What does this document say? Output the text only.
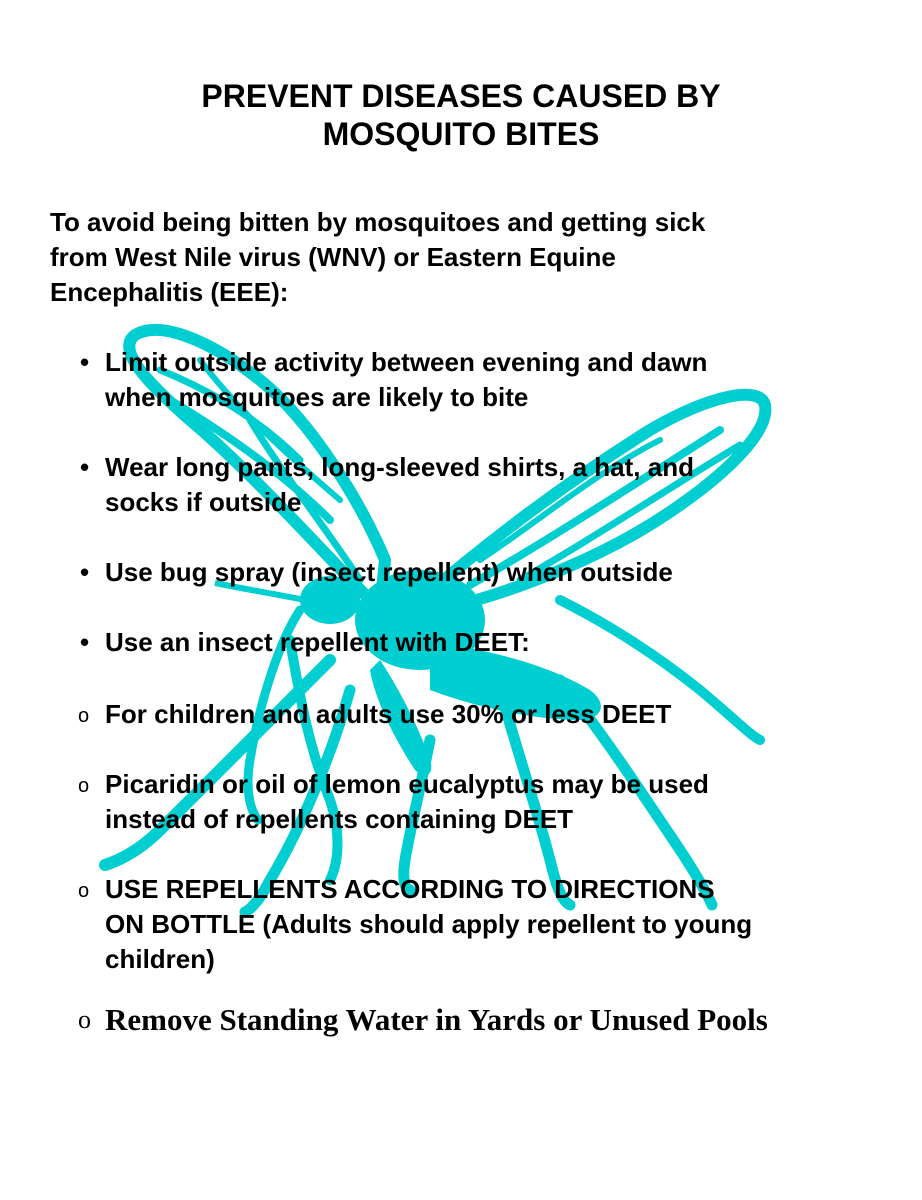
PREVENT DISEASES CAUSED BY
MOSQUITO BITES
To avoid being bitten by mosquitoes and getting sick
from West Nile virus (WNV) or Eastern Equine
Encephalitis (EEE):
• Limit outside activity between evening and dawn
when mosquitoes are likely to bite
• Wear long pants, long-sleeved shirts, a hat, and
socks if outside
• Use bug spray (insect repellent) when outside
• Use an insect repellent with DEET:
o For children and adults use 30% or less DEET
o Picaridin or oil of lemon eucalyptus may be used
instead of repellents containing DEET
o USE REPELLENTS ACCORDING TO DIRECTIONS
ON BOTTLE (Adults should apply repellent to young
children)
o Remove Standing Water in Yards or Unused Pools
